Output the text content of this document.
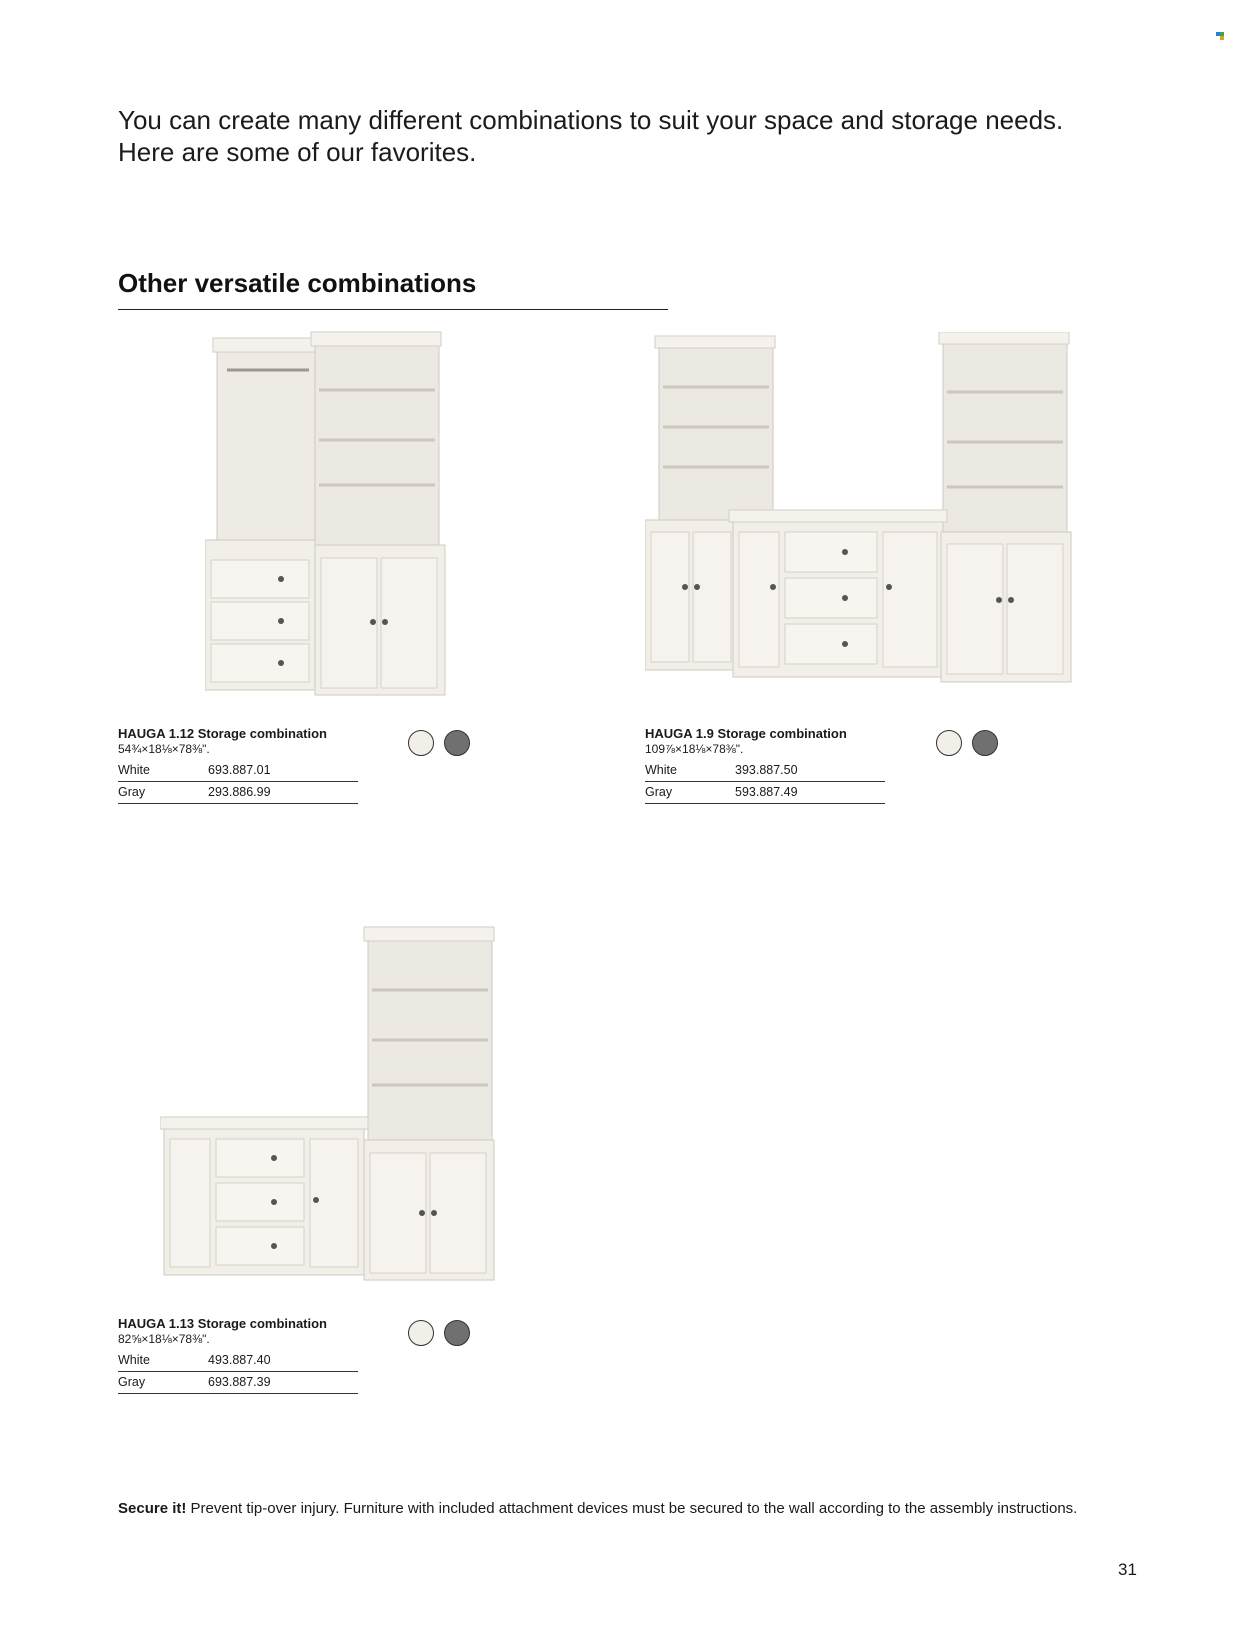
You can create many different combinations to suit your space and storage needs.
Here are some of our favorites.
Other versatile combinations
HAUGA 1.12 Storage combination
54¾×18⅛×78⅜".
White	693.887.01
Gray	293.886.99
HAUGA 1.9 Storage combination
109⅞×18⅛×78⅜".
White	393.887.50
Gray	593.887.49
HAUGA 1.13 Storage combination
82⅝×18⅛×78⅜".
White	493.887.40
Gray	693.887.39
Secure it! Prevent tip-over injury. Furniture with included attachment devices must be secured to the wall according to the assembly instructions.
31
